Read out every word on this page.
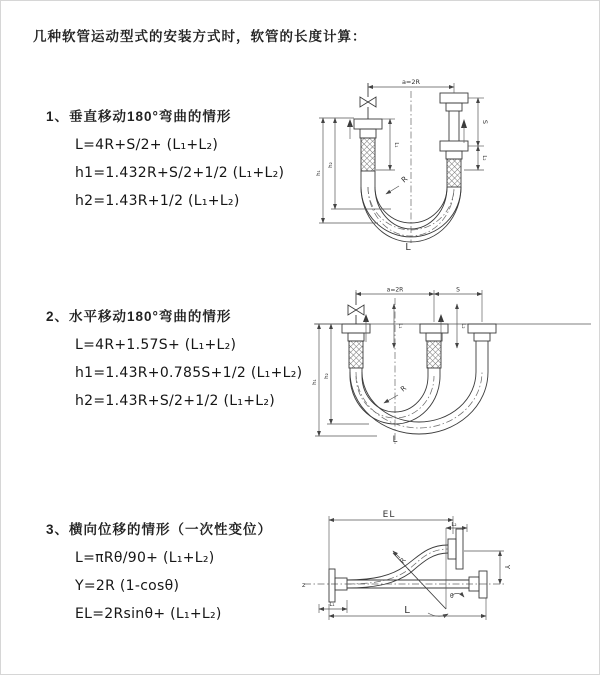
几种软管运动型式的安装方式时，软管的长度计算：
1、垂直移动180°弯曲的情形
L=4R+S/2+ (L₁+L₂)
h1=1.432R+S/2+1/2 (L₁+L₂)
h2=1.43R+1/2 (L₁+L₂)
2、水平移动180°弯曲的情形
L=4R+1.57S+ (L₁+L₂)
h1=1.43R+0.785S+1/2 (L₁+L₂)
h2=1.43R+S/2+1/2 (L₁+L₂)
3、横向位移的情形（一次性变位）
L=πRθ/90+ (L₁+L₂)
Y=2R (1-cosθ)
EL=2Rsinθ+ (L₁+L₂)
a=2R
S
L₂
L₁
h₁
h₂
R
L
a=2R	S
L₁	L₂
h₁
h₂
R
L
z
θ
R
EL
L₂
Y
L₁	L
